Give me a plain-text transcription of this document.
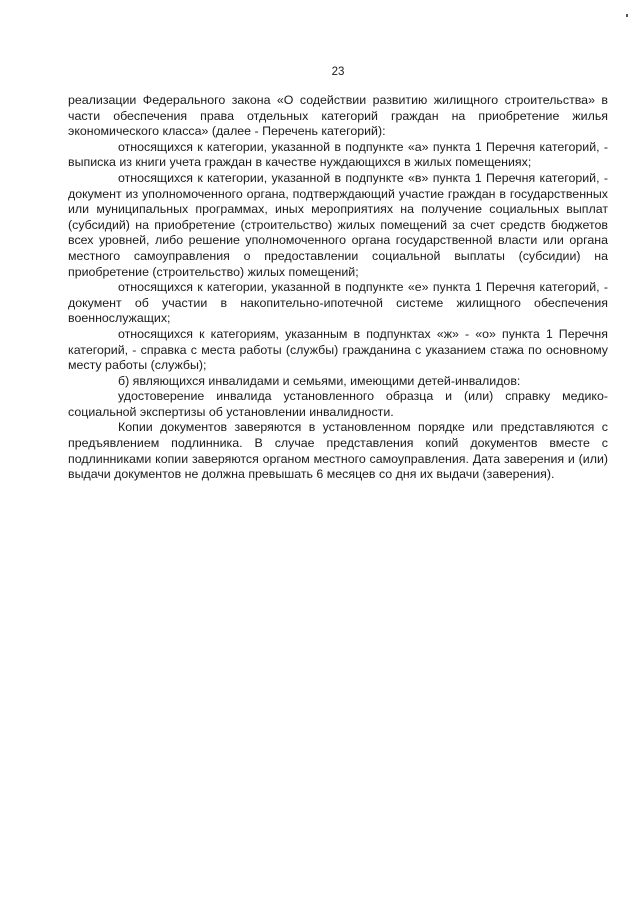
23

реализации Федерального закона «О содействии развитию жилищного строительства» в части обеспечения права отдельных категорий граждан на приобретение жилья экономического класса» (далее - Перечень категорий):

относящихся к категории, указанной в подпункте «а» пункта 1 Перечня категорий, - выписка из книги учета граждан в качестве нуждающихся в жилых помещениях;

относящихся к категории, указанной в подпункте «в» пункта 1 Перечня категорий, - документ из уполномоченного органа, подтверждающий участие граждан в государственных или муниципальных программах, иных мероприятиях на получение социальных выплат (субсидий) на приобретение (строительство) жилых помещений за счет средств бюджетов всех уровней, либо решение уполномоченного органа государственной власти или органа местного самоуправления о предоставлении социальной выплаты (субсидии) на приобретение (строительство) жилых помещений;

относящихся к категории, указанной в подпункте «е» пункта 1 Перечня категорий, - документ об участии в накопительно-ипотечной системе жилищного обеспечения военнослужащих;

относящихся к категориям, указанным в подпунктах «ж» - «о» пункта 1 Перечня категорий, - справка с места работы (службы) гражданина с указанием стажа по основному месту работы (службы);

б) являющихся инвалидами и семьями, имеющими детей-инвалидов:

удостоверение инвалида установленного образца и (или) справку медико-социальной экспертизы об установлении инвалидности.

Копии документов заверяются в установленном порядке или представляются с предъявлением подлинника. В случае представления копий документов вместе с подлинниками копии заверяются органом местного самоуправления. Дата заверения и (или) выдачи документов не должна превышать 6 месяцев со дня их выдачи (заверения).
